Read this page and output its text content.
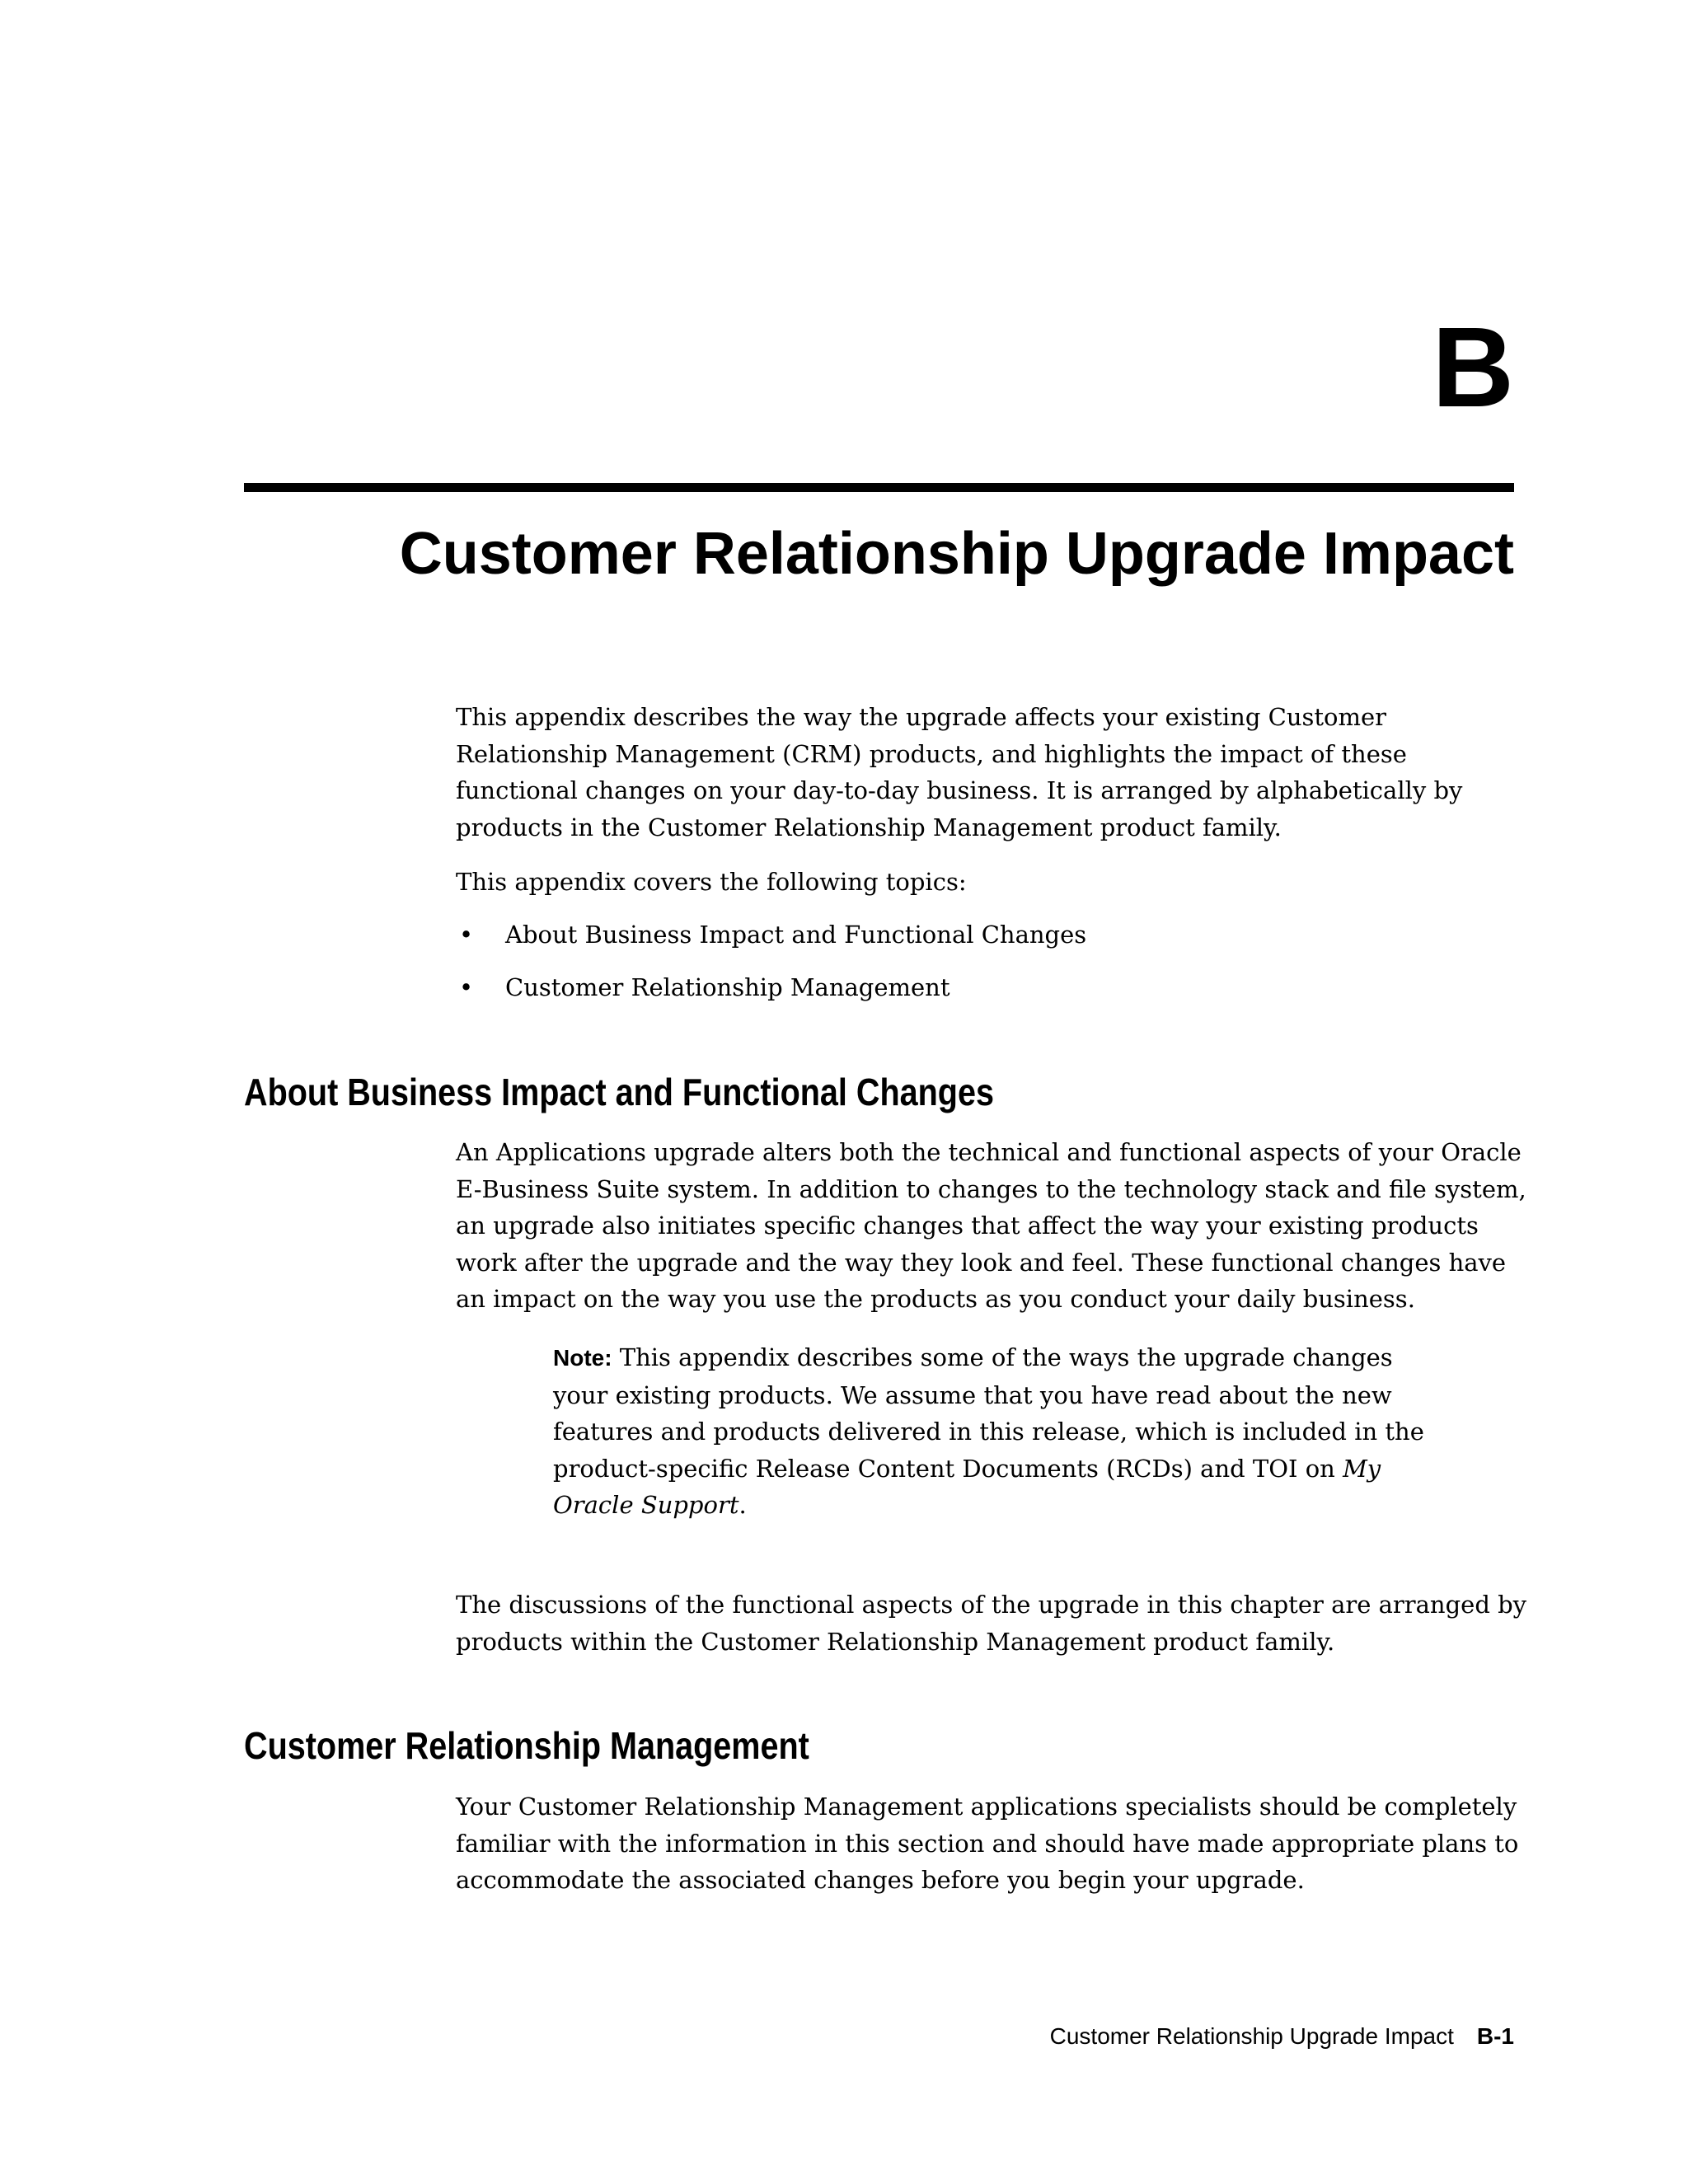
B
Customer Relationship Upgrade Impact
This appendix describes the way the upgrade affects your existing Customer
Relationship Management (CRM) products, and highlights the impact of these
functional changes on your day-to-day business. It is arranged by alphabetically by
products in the Customer Relationship Management product family.

This appendix covers the following topics:

• About Business Impact and Functional Changes
• Customer Relationship Management
About Business Impact and Functional Changes
An Applications upgrade alters both the technical and functional aspects of your Oracle
E-Business Suite system. In addition to changes to the technology stack and file system,
an upgrade also initiates specific changes that affect the way your existing products
work after the upgrade and the way they look and feel. These functional changes have
an impact on the way you use the products as you conduct your daily business.
Note: This appendix describes some of the ways the upgrade changes
your existing products. We assume that you have read about the new
features and products delivered in this release, which is included in the
product-specific Release Content Documents (RCDs) and TOI on My
Oracle Support.
The discussions of the functional aspects of the upgrade in this chapter are arranged by
products within the Customer Relationship Management product family.
Customer Relationship Management
Your Customer Relationship Management applications specialists should be completely
familiar with the information in this section and should have made appropriate plans to
accommodate the associated changes before you begin your upgrade.
Customer Relationship Upgrade Impact B-1
